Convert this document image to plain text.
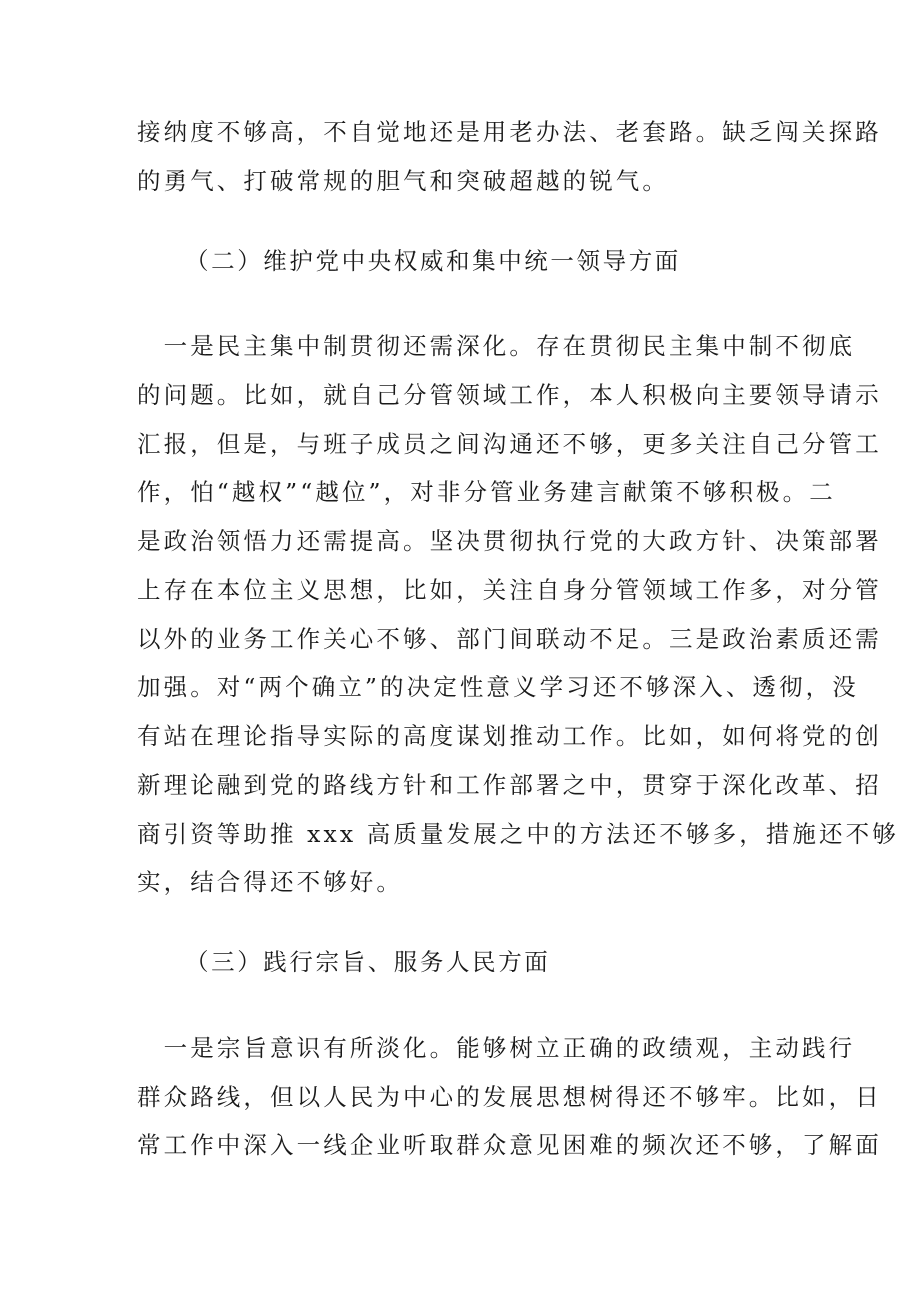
接纳度不够高，不自觉地还是用老办法、老套路。缺乏闯关探路
的勇气、打破常规的胆气和突破超越的锐气。
（二）维护党中央权威和集中统一领导方面
　一是民主集中制贯彻还需深化。存在贯彻民主集中制不彻底
的问题。比如，就自己分管领域工作，本人积极向主要领导请示
汇报，但是，与班子成员之间沟通还不够，更多关注自己分管工
作，怕“越权”“越位”，对非分管业务建言献策不够积极。二
是政治领悟力还需提高。坚决贯彻执行党的大政方针、决策部署
上存在本位主义思想，比如，关注自身分管领域工作多，对分管
以外的业务工作关心不够、部门间联动不足。三是政治素质还需
加强。对“两个确立”的决定性意义学习还不够深入、透彻，没
有站在理论指导实际的高度谋划推动工作。比如，如何将党的创
新理论融到党的路线方针和工作部署之中，贯穿于深化改革、招
商引资等助推 xxx 高质量发展之中的方法还不够多，措施还不够
实，结合得还不够好。
（三）践行宗旨、服务人民方面
　一是宗旨意识有所淡化。能够树立正确的政绩观，主动践行
群众路线，但以人民为中心的发展思想树得还不够牢。比如，日
常工作中深入一线企业听取群众意见困难的频次还不够，了解面
